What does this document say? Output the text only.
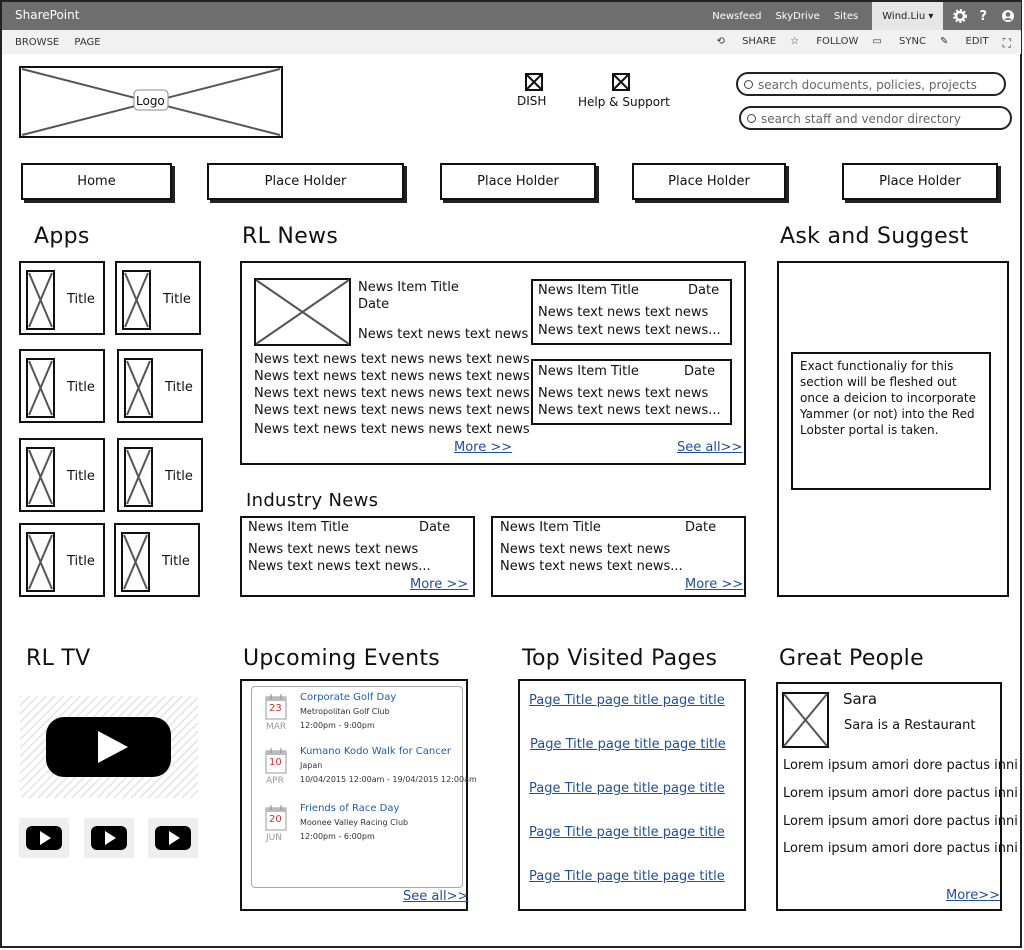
SharePoint	Newsfeed SkyDrive Sites	Wind.Liu ▾	?
BROWSE PAGE	⟲ SHARE ☆ FOLLOW ▭ SYNC ✎ EDIT ⛶
Logo	DISH	Help & Support
search documents, policies, projects
search staff and vendor directory
Home	Place Holder	Place Holder	Place Holder	Place Holder
Apps
Title	Title
Title	Title
Title	Title
Title	Title
RL News
News Item Title
Date
News text news text news
News text news text news news text news
News text news text news news text news
News text news text news news text news
News text news text news news text news
News text news text news news text news
More >>
News Item Title	Date
News text news text news
News text news text news...
News Item Title	Date
News text news text news
News text news text news...
See all>>
Industry News
News Item Title	Date
News text news text news
News text news text news...
More >>
News Item Title	Date
News text news text news
News text news text news...
More >>
Ask and Suggest
Exact functionaliy for this section will be fleshed out once a deicion to incorporate Yammer (or not) into the Red Lobster portal is taken.
RL TV	Upcoming Events
23
MAR
Corporate Golf Day
Metropolitan Golf Club
12:00pm - 9:00pm
10
APR
Kumano Kodo Walk for Cancer
Japan
10/04/2015 12:00am - 19/04/2015 12:00am
20
JUN
Friends of Race Day
Moonee Valley Racing Club
12:00pm - 6:00pm
See all>>
Top Visited Pages
Page Title page title page title
Page Title page title page title
Page Title page title page title
Page Title page title page title
Page Title page title page title
Great People
Sara
Sara is a Restaurant
Lorem ipsum amori dore pactus inni
Lorem ipsum amori dore pactus inni
Lorem ipsum amori dore pactus inni
Lorem ipsum amori dore pactus inni
More>>
